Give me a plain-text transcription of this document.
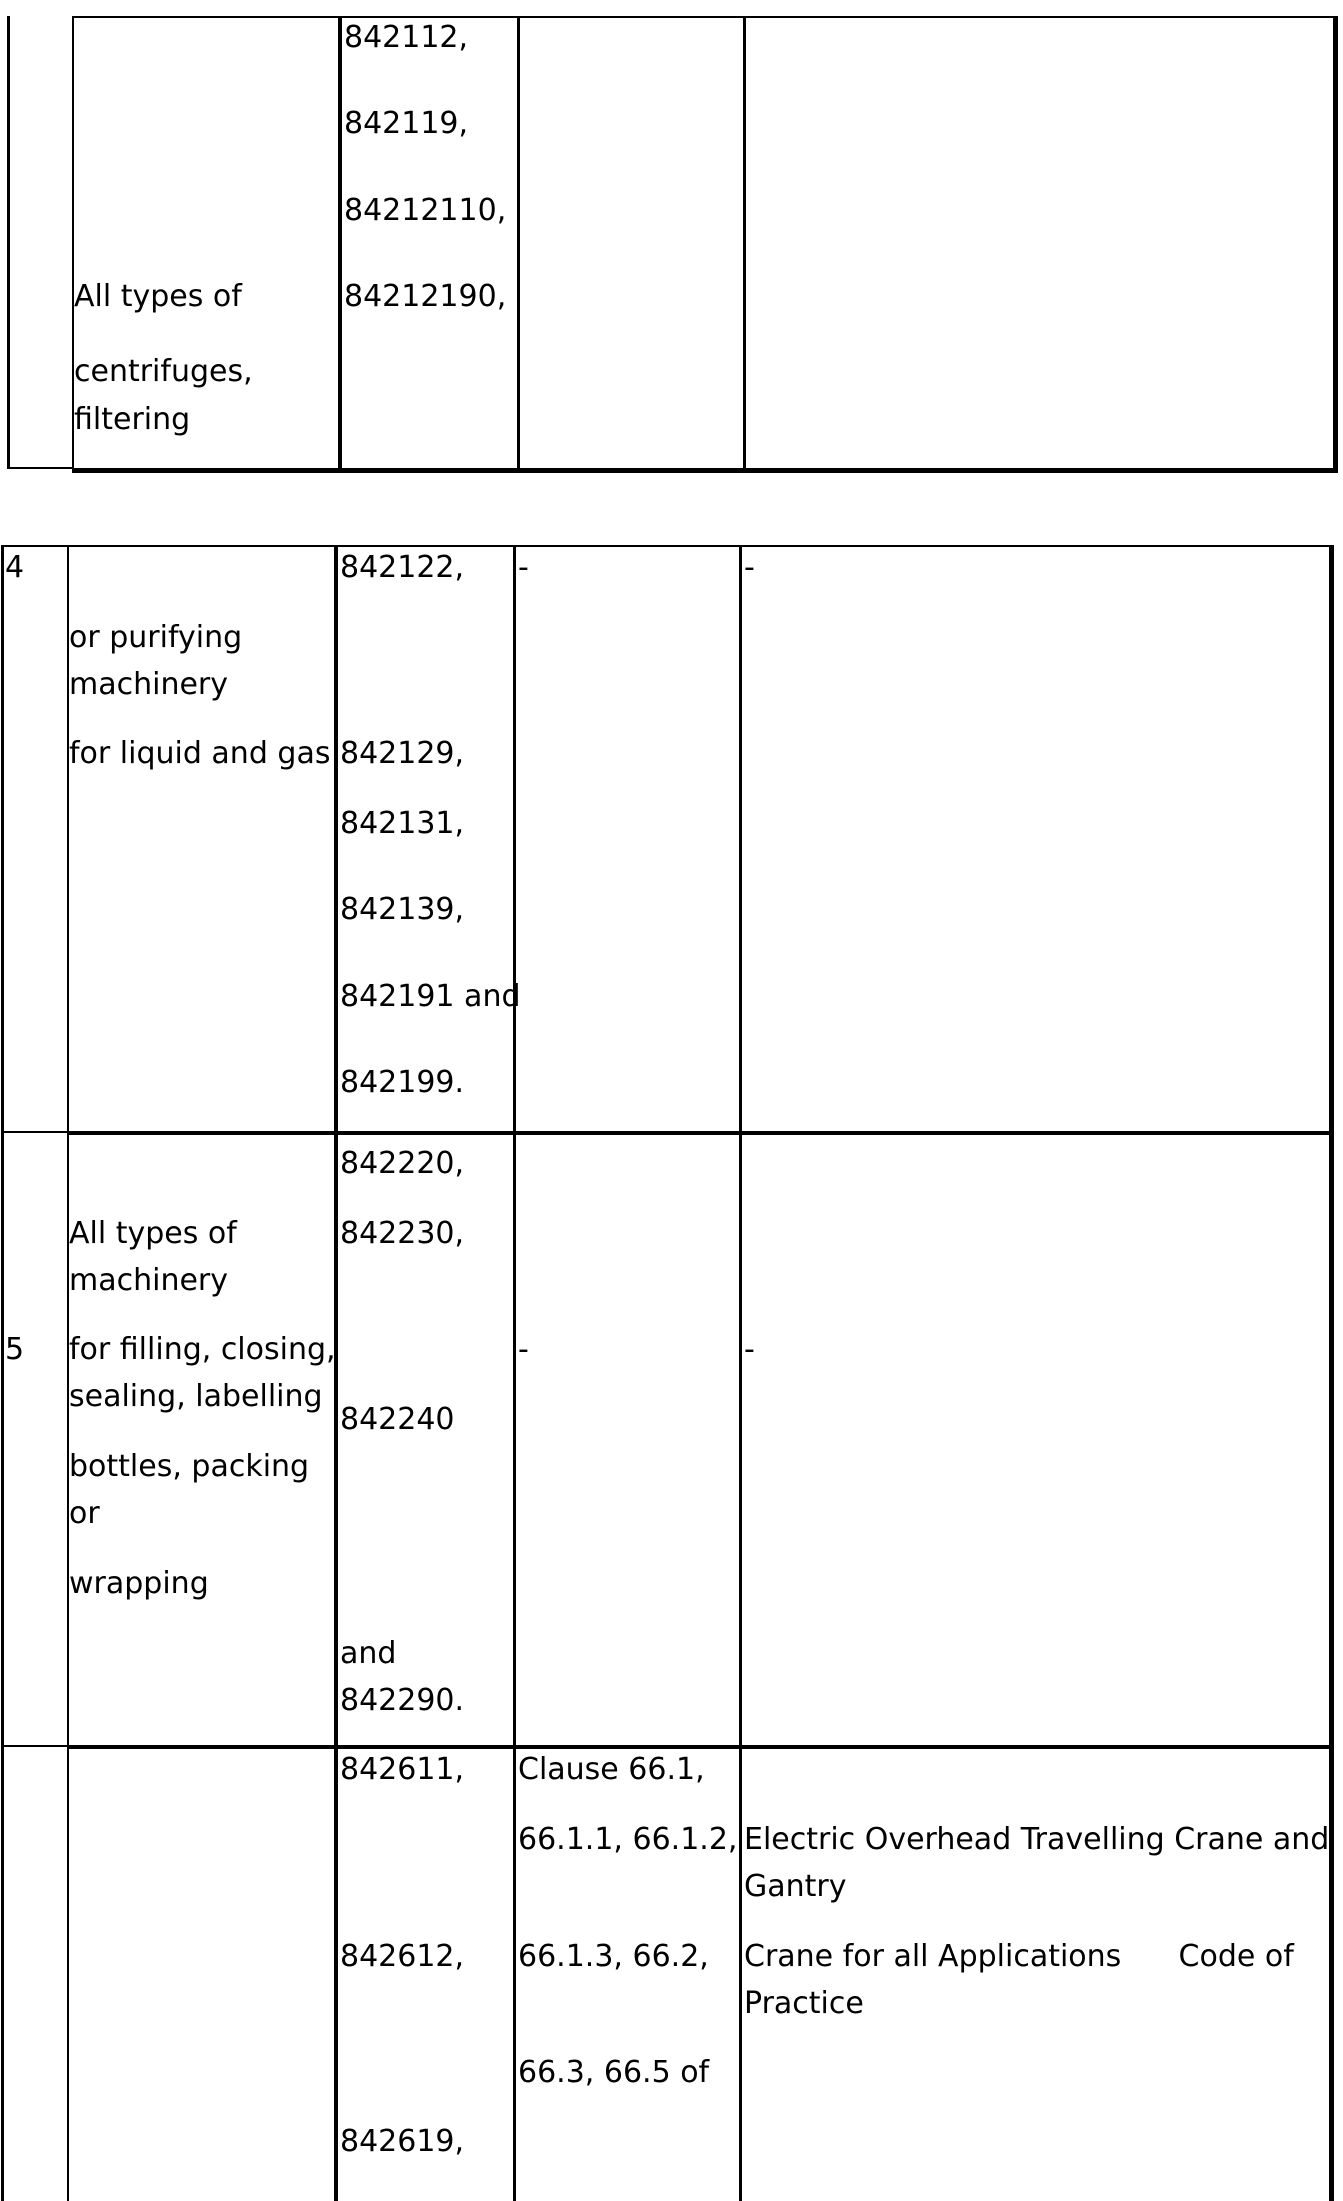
All types of
centrifuges,
filtering
842112,
842119,
84212110,
84212190,
4
or purifying
machinery
for liquid and gas
842122,
842129,
842131,
842139,
842191 and
842199.
-	-
5
All types of
machinery
for filling, closing,
sealing, labelling
bottles, packing
or
wrapping
842220,
842230,
842240
and
842290.
-	-
842611,
842612,
842619,
Clause 66.1,
66.1.1, 66.1.2,
66.1.3, 66.2,
66.3, 66.5 of
Electric Overhead Travelling Crane and
Gantry
Crane for all Applications      Code of
Practice
